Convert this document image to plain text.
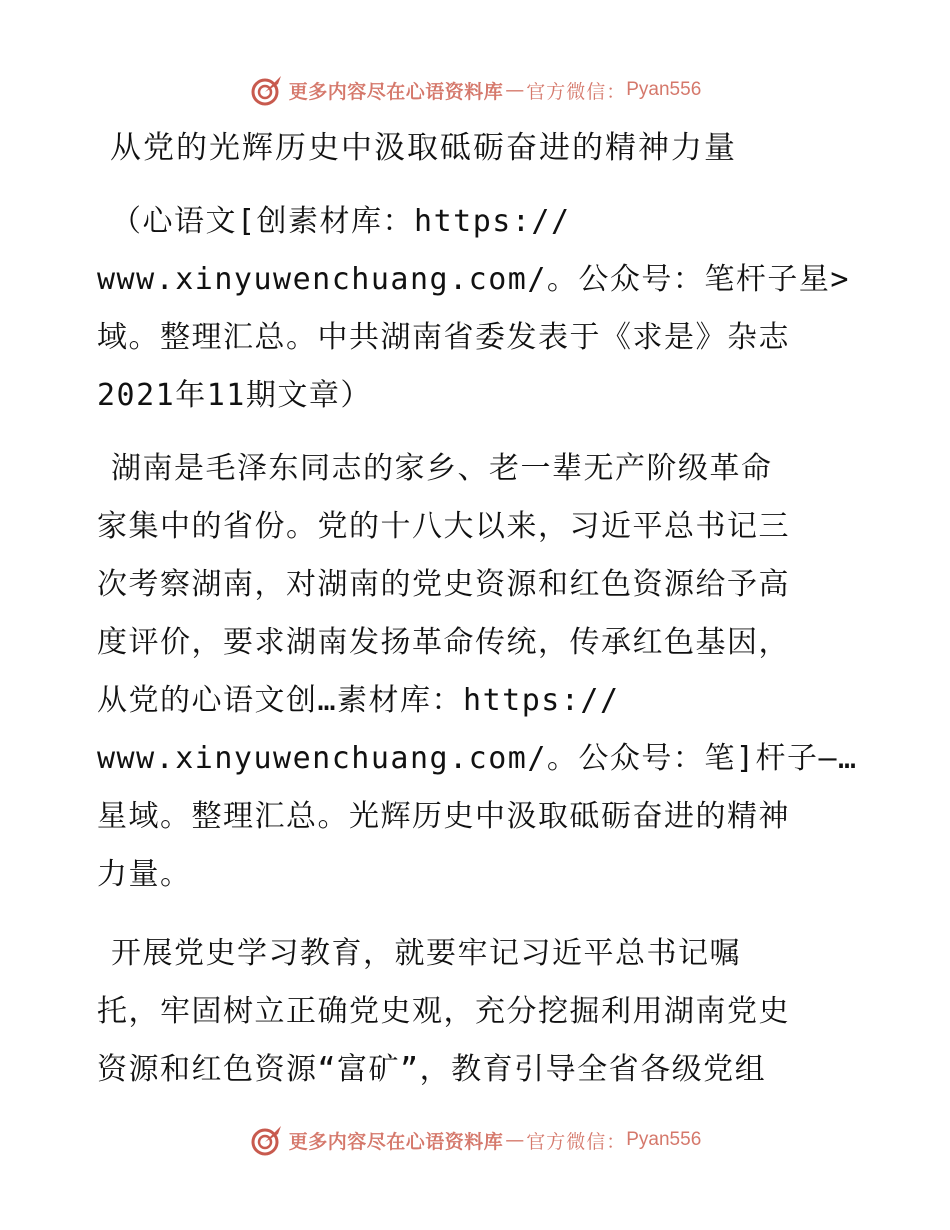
更多内容尽在心语资料库 — 官方微信： Pyan556
从党的光辉历史中汲取砥砺奋进的精神力量
（心语文[创素材库：https://
www.xinyuwenchuang.com/。公众号：笔杆子星>
域。整理汇总。中共湖南省委发表于《求是》杂志
2021年11期文章）
湖南是毛泽东同志的家乡、老一辈无产阶级革命
家集中的省份。党的十八大以来，习近平总书记三
次考察湖南，对湖南的党史资源和红色资源给予高
度评价，要求湖南发扬革命传统，传承红色基因，
从党的心语文创…素材库：https://
www.xinyuwenchuang.com/。公众号：笔]杆子—…
星域。整理汇总。光辉历史中汲取砥砺奋进的精神
力量。
开展党史学习教育，就要牢记习近平总书记嘱
托，牢固树立正确党史观，充分挖掘利用湖南党史
资源和红色资源“富矿”，教育引导全省各级党组
更多内容尽在心语资料库 — 官方微信： Pyan556
